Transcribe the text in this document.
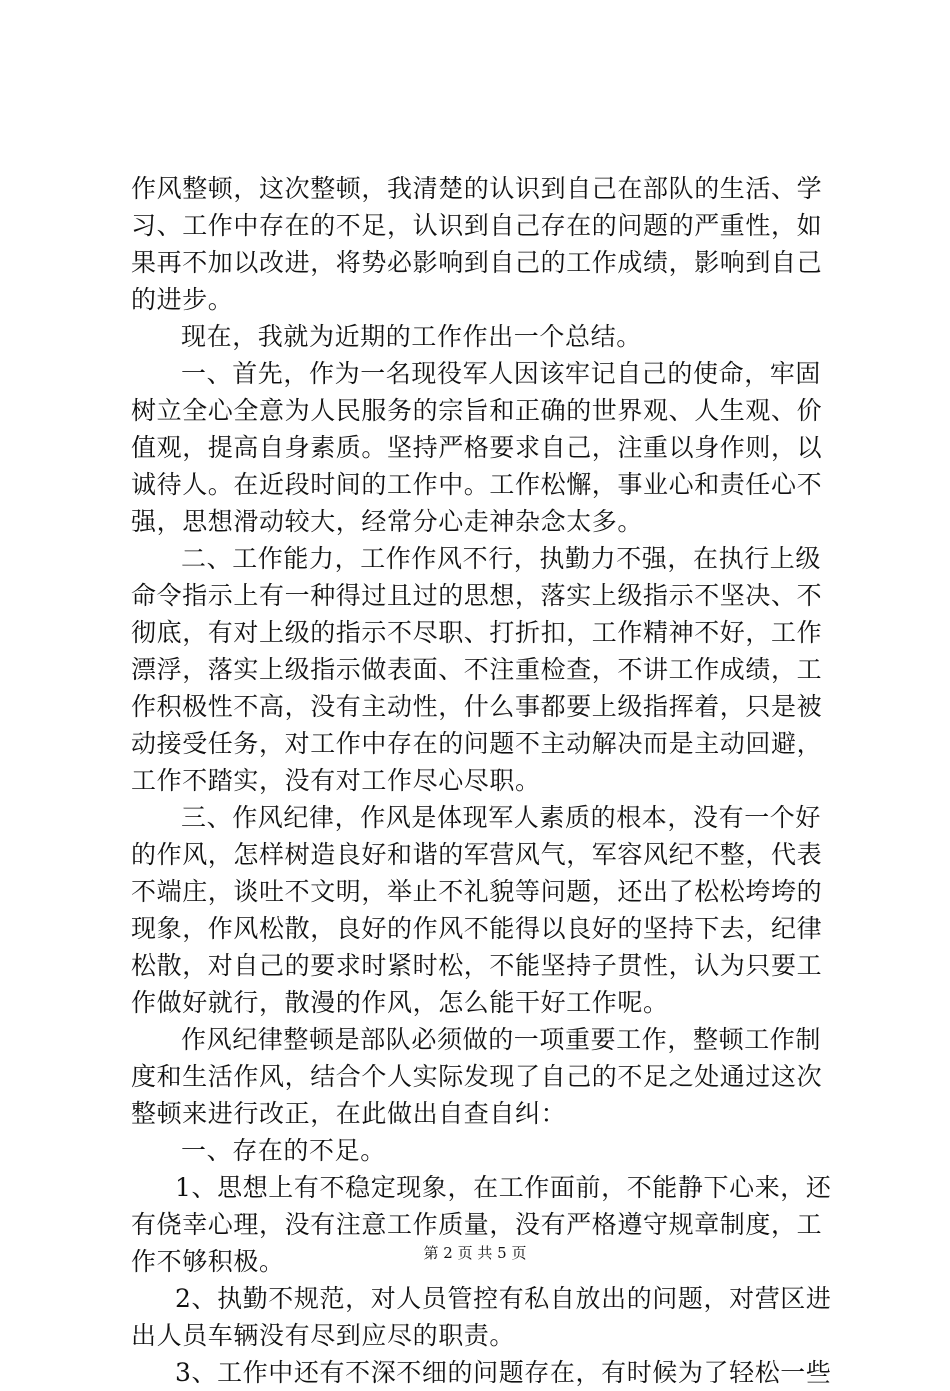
作风整顿，这次整顿，我清楚的认识到自己在部队的生活、学
习、工作中存在的不足，认识到自己存在的问题的严重性，如
果再不加以改进，将势必影响到自己的工作成绩，影响到自己
的进步。
现在，我就为近期的工作作出一个总结。
一、首先，作为一名现役军人因该牢记自己的使命，牢固
树立全心全意为人民服务的宗旨和正确的世界观、人生观、价
值观，提高自身素质。坚持严格要求自己，注重以身作则，以
诚待人。在近段时间的工作中。工作松懈，事业心和责任心不
强，思想滑动较大，经常分心走神杂念太多。
二、工作能力，工作作风不行，执勤力不强，在执行上级
命令指示上有一种得过且过的思想，落实上级指示不坚决、不
彻底，有对上级的指示不尽职、打折扣，工作精神不好，工作
漂浮，落实上级指示做表面、不注重检查，不讲工作成绩，工
作积极性不高，没有主动性，什么事都要上级指挥着，只是被
动接受任务，对工作中存在的问题不主动解决而是主动回避，
工作不踏实，没有对工作尽心尽职。
三、作风纪律，作风是体现军人素质的根本，没有一个好
的作风，怎样树造良好和谐的军营风气，军容风纪不整，代表
不端庄，谈吐不文明，举止不礼貌等问题，还出了松松垮垮的
现象，作风松散，良好的作风不能得以良好的坚持下去，纪律
松散，对自己的要求时紧时松，不能坚持子贯性，认为只要工
作做好就行，散漫的作风，怎么能干好工作呢。
作风纪律整顿是部队必须做的一项重要工作，整顿工作制
度和生活作风，结合个人实际发现了自己的不足之处通过这次
整顿来进行改正，在此做出自查自纠：
一、存在的不足。
1、思想上有不稳定现象，在工作面前，不能静下心来，还
有侥幸心理，没有注意工作质量，没有严格遵守规章制度，工
作不够积极。
2、执勤不规范，对人员管控有私自放出的问题，对营区进
出人员车辆没有尽到应尽的职责。
3、工作中还有不深不细的问题存在，有时候为了轻松一些
第 2 页 共 5 页
